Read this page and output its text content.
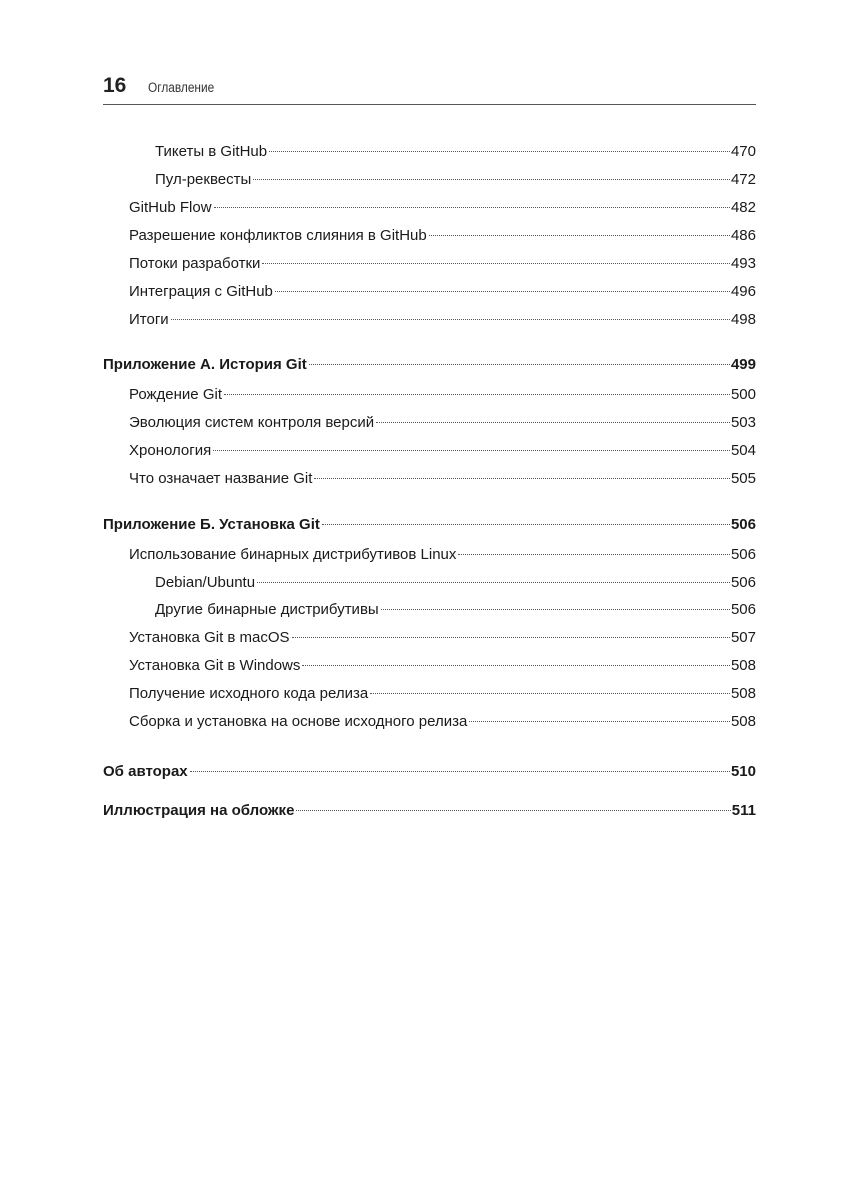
16 Оглавление
Тикеты в GitHub	470
Пул-реквесты	472
GitHub Flow	482
Разрешение конфликтов слияния в GitHub	486
Потоки разработки	493
Интеграция с GitHub	496
Итоги	498
Приложение А. История Git	499
Рождение Git	500
Эволюция систем контроля версий	503
Хронология	504
Что означает название Git	505
Приложение Б. Установка Git	506
Использование бинарных дистрибутивов Linux	506
Debian/Ubuntu	506
Другие бинарные дистрибутивы	506
Установка Git в macOS	507
Установка Git в Windows	508
Получение исходного кода релиза	508
Сборка и установка на основе исходного релиза	508
Об авторах	510
Иллюстрация на обложке	511
